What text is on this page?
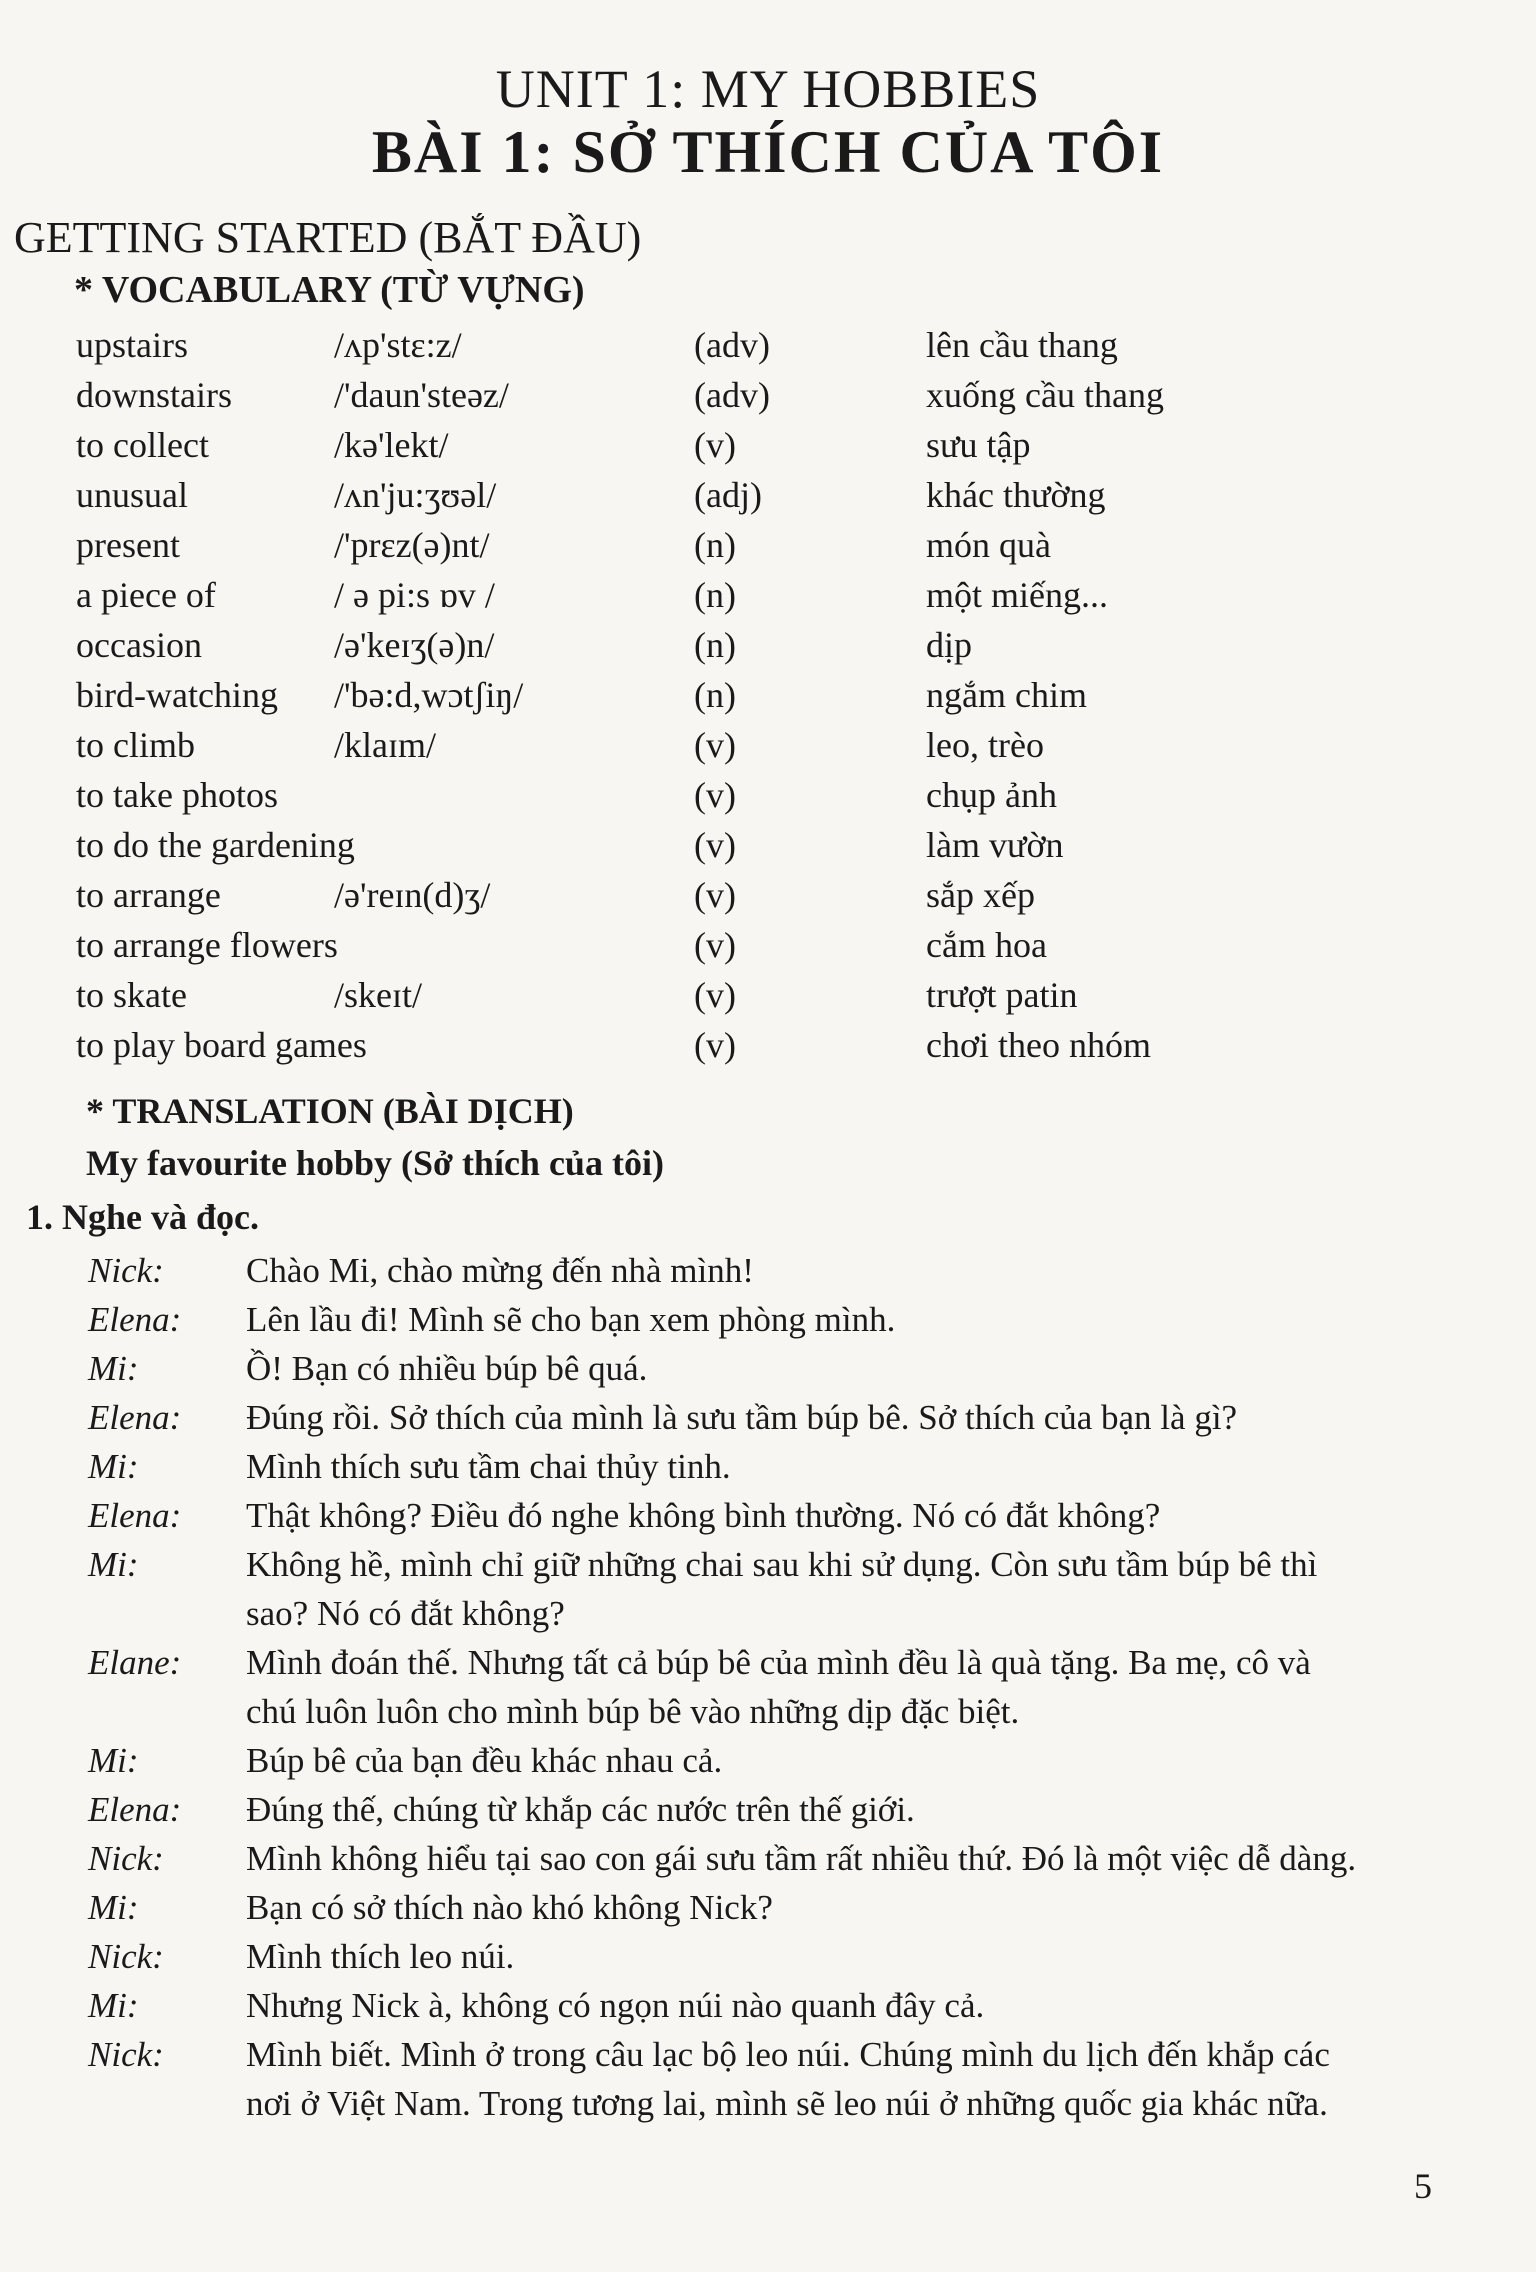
UNIT 1: MY HOBBIES
BÀI 1: SỞ THÍCH CỦA TÔI
GETTING STARTED (BẮT ĐẦU)
* VOCABULARY (TỪ VỰNG)
upstairs	/ʌp'stɛ:z/	(adv)	lên cầu thang
downstairs	/'daun'steəz/	(adv)	xuống cầu thang
to collect	/kə'lekt/	(v)	sưu tập
unusual	/ʌn'ju:ʒʊəl/	(adj)	khác thường
present	/'prɛz(ə)nt/	(n)	món quà
a piece of	/ ə pi:s ɒv /	(n)	một miếng...
occasion	/ə'keɪʒ(ə)n/	(n)	dịp
bird-watching /'bə:d,wɔtʃiŋ/	(n)	ngắm chim
to climb	/klaɪm/	(v)	leo, trèo
to take photos	(v)	chụp ảnh
to do the gardening	(v)	làm vườn
to arrange	/ə'reɪn(d)ʒ/	(v)	sắp xếp
to arrange flowers	(v)	cắm hoa
to skate	/skeɪt/	(v)	trượt patin
to play board games	(v)	chơi theo nhóm
* TRANSLATION (BÀI DỊCH)
My favourite hobby (Sở thích của tôi)
1. Nghe và đọc.
Nick:	Chào Mi, chào mừng đến nhà mình!
Elena:	Lên lầu đi! Mình sẽ cho bạn xem phòng mình.
Mi:	Ồ! Bạn có nhiều búp bê quá.
Elena:	Đúng rồi. Sở thích của mình là sưu tầm búp bê. Sở thích của bạn là gì?
Mi:	Mình thích sưu tầm chai thủy tinh.
Elena:	Thật không? Điều đó nghe không bình thường. Nó có đắt không?
Mi:	Không hề, mình chỉ giữ những chai sau khi sử dụng. Còn sưu tầm búp bê thì
sao? Nó có đắt không?
Elane:	Mình đoán thế. Nhưng tất cả búp bê của mình đều là quà tặng. Ba mẹ, cô và
chú luôn luôn cho mình búp bê vào những dịp đặc biệt.
Mi:	Búp bê của bạn đều khác nhau cả.
Elena:	Đúng thế, chúng từ khắp các nước trên thế giới.
Nick:	Mình không hiểu tại sao con gái sưu tầm rất nhiều thứ. Đó là một việc dễ dàng.
Mi:	Bạn có sở thích nào khó không Nick?
Nick:	Mình thích leo núi.
Mi:	Nhưng Nick à, không có ngọn núi nào quanh đây cả.
Nick:	Mình biết. Mình ở trong câu lạc bộ leo núi. Chúng mình du lịch đến khắp các
nơi ở Việt Nam. Trong tương lai, mình sẽ leo núi ở những quốc gia khác nữa.
5
